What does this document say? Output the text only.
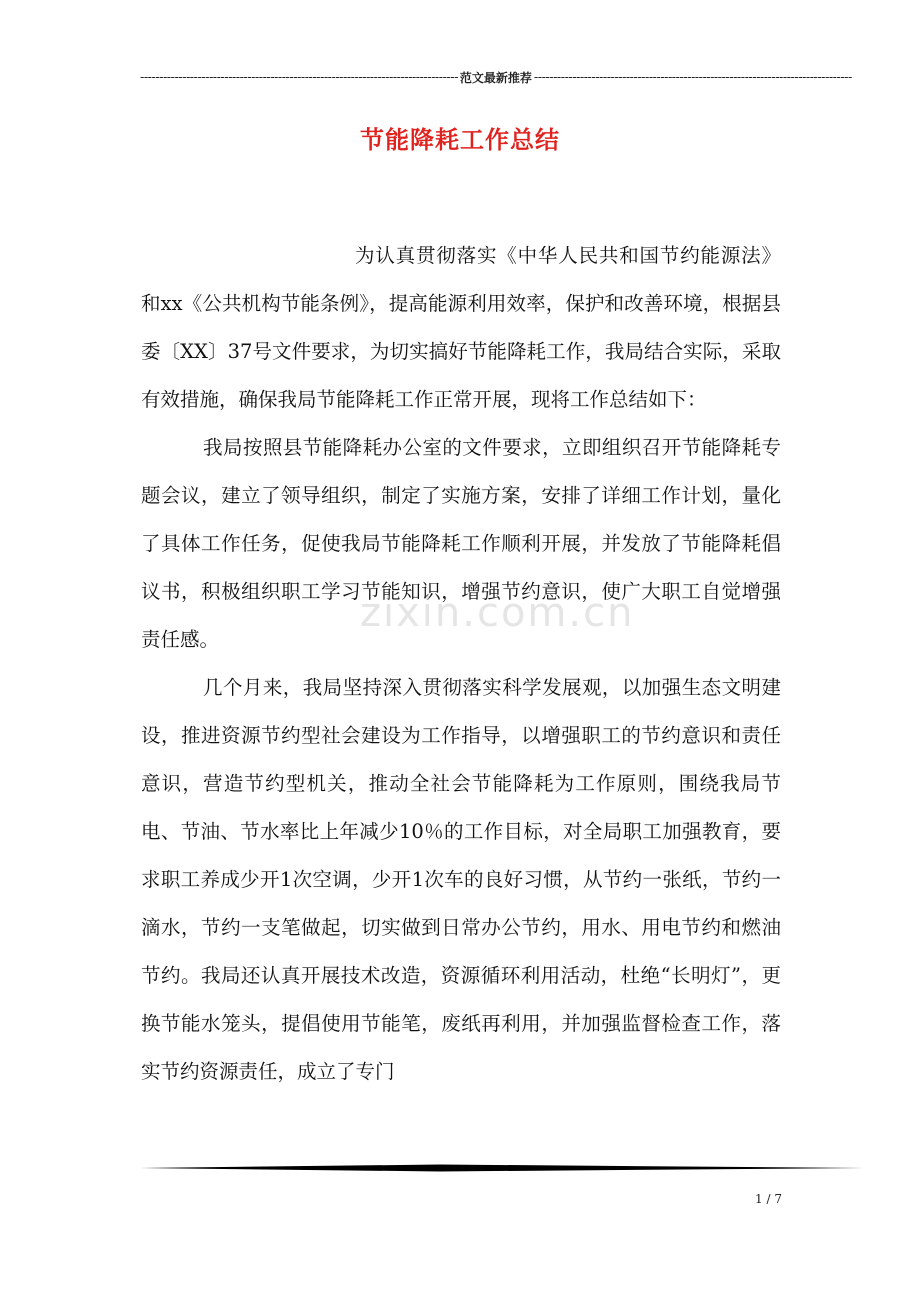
----------------------------------------------------------------------------------- 范文最新推荐 -----------------------------------------------------------------------------------
节能降耗工作总结

为认真贯彻落实《中华人民共和国节约能源法》和xx《公共机构节能条例》，提高能源利用效率，保护和改善环境，根据县委〔XX〕37号文件要求，为切实搞好节能降耗工作，我局结合实际，采取有效措施，确保我局节能降耗工作正常开展，现将工作总结如下：

我局按照县节能降耗办公室的文件要求，立即组织召开节能降耗专题会议，建立了领导组织，制定了实施方案，安排了详细工作计划，量化了具体工作任务，促使我局节能降耗工作顺利开展，并发放了节能降耗倡议书，积极组织职工学习节能知识，增强节约意识，使广大职工自觉增强责任感。

几个月来，我局坚持深入贯彻落实科学发展观，以加强生态文明建设，推进资源节约型社会建设为工作指导，以增强职工的节约意识和责任意识，营造节约型机关，推动全社会节能降耗为工作原则，围绕我局节电、节油、节水率比上年减少10％的工作目标，对全局职工加强教育，要求职工养成少开1次空调，少开1次车的良好习惯，从节约一张纸，节约一滴水，节约一支笔做起，切实做到日常办公节约，用水、用电节约和燃油节约。我局还认真开展技术改造，资源循环利用活动，杜绝“长明灯”，更换节能水笼头，提倡使用节能笔，废纸再利用，并加强监督检查工作，落实节约资源责任，成立了专门

zixin.com.cn
1 / 7
